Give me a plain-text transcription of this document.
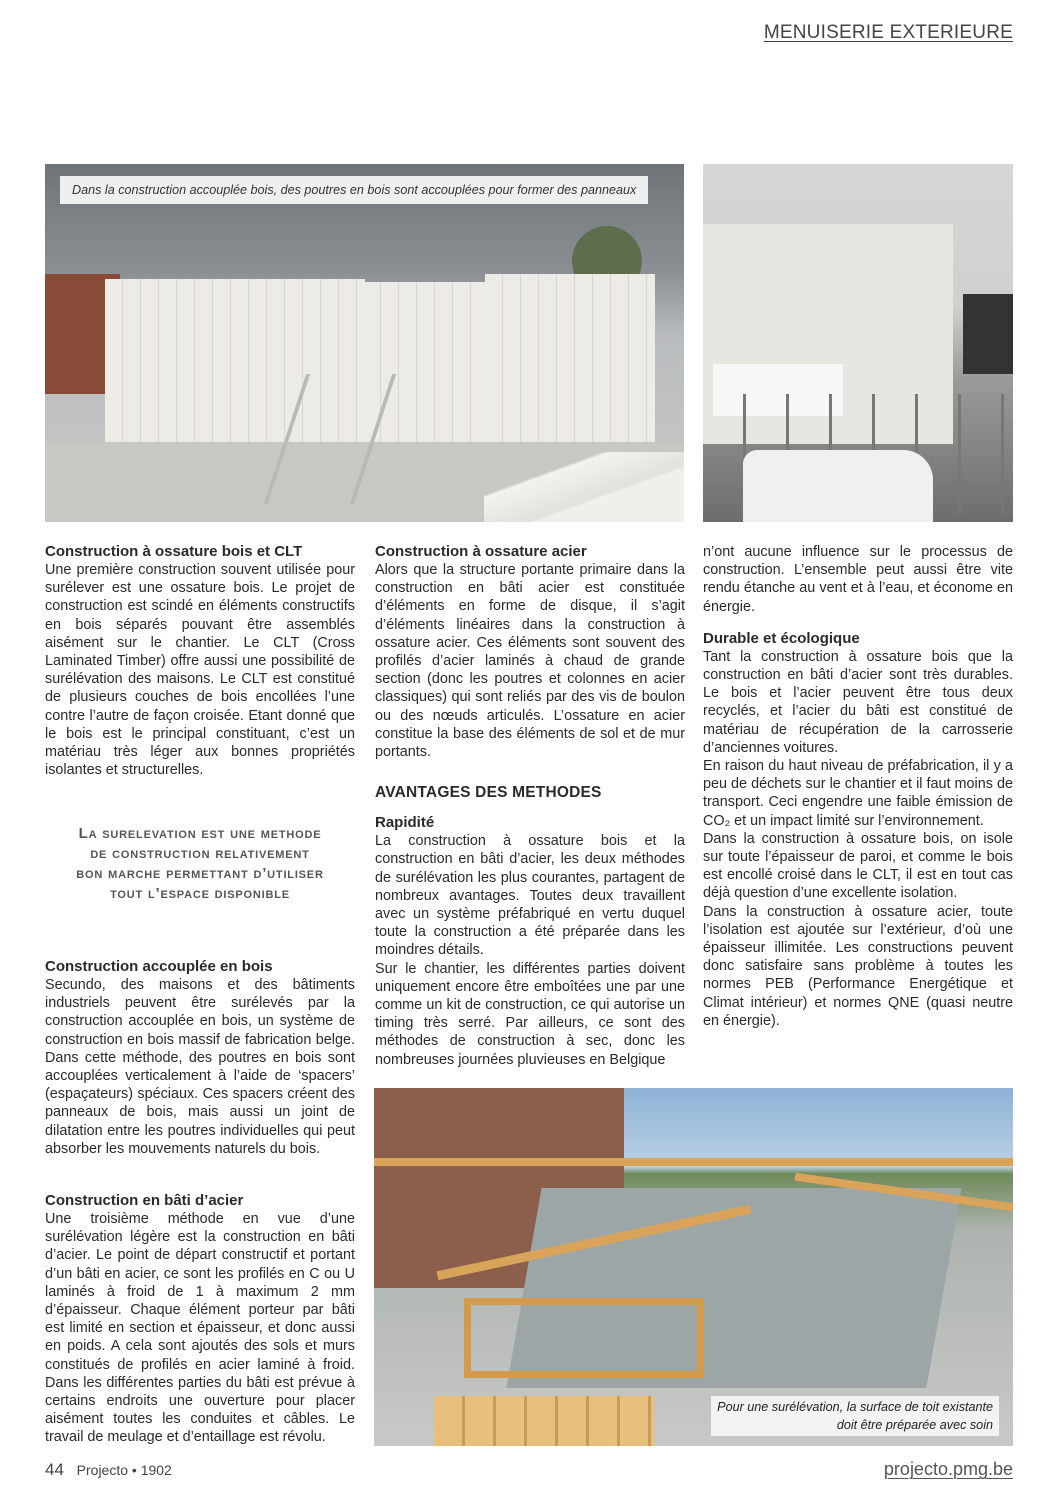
MENUISERIE EXTERIEURE
Dans la construction accouplée bois, des poutres en bois sont accouplées pour former des panneaux
Construction à ossature bois et CLT

Une première construction souvent utilisée pour surélever est une ossature bois. Le projet de construction est scindé en éléments constructifs en bois séparés pouvant être assemblés aisément sur le chantier. Le CLT (Cross Laminated Timber) offre aussi une possibilité de surélévation des maisons. Le CLT est constitué de plusieurs couches de bois encollées l’une contre l’autre de façon croisée. Etant donné que le bois est le principal constituant, c’est un matériau très léger aux bonnes propriétés isolantes et structurelles.

La surelevation est une methode
de construction relativement
bon marche permettant d’utiliser
tout l’espace disponible
Construction accouplée en bois

Secundo, des maisons et des bâtiments industriels peuvent être surélevés par la construction accouplée en bois, un système de construction en bois massif de fabrication belge. Dans cette méthode, des poutres en bois sont accouplées verticalement à l’aide de ‘spacers’ (espaçateurs) spéciaux. Ces spacers créent des panneaux de bois, mais aussi un joint de dilatation entre les poutres individuelles qui peut absorber les mouvements naturels du bois.

Construction en bâti d’acier

Une troisième méthode en vue d’une surélévation légère est la construction en bâti d’acier. Le point de départ constructif et portant d’un bâti en acier, ce sont les profilés en C ou U laminés à froid de 1 à maximum 2 mm d’épaisseur. Chaque élément porteur par bâti est limité en section et épaisseur, et donc aussi en poids. A cela sont ajoutés des sols et murs constitués de profilés en acier laminé à froid. Dans les différentes parties du bâti est prévue à certains endroits une ouverture pour placer aisément toutes les conduites et câbles. Le travail de meulage et d’entaillage est révolu.

Construction à ossature acier

Alors que la structure portante primaire dans la construction en bâti acier est constituée d’éléments en forme de disque, il s’agit d’éléments linéaires dans la construction à ossature acier. Ces éléments sont souvent des profilés d’acier laminés à chaud de grande section (donc les poutres et colonnes en acier classiques) qui sont reliés par des vis de boulon ou des nœuds articulés. L’ossature en acier constitue la base des éléments de sol et de mur portants.

AVANTAGES DES METHODES
Rapidité

La construction à ossature bois et la construction en bâti d’acier, les deux méthodes de surélévation les plus courantes, partagent de nombreux avantages. Toutes deux travaillent avec un système préfabriqué en vertu duquel toute la construction a été préparée dans les moindres détails.

Sur le chantier, les différentes parties doivent uniquement encore être emboîtées une par une comme un kit de construction, ce qui autorise un timing très serré. Par ailleurs, ce sont des méthodes de construction à sec, donc les nombreuses journées pluvieuses en Belgique

n’ont aucune influence sur le processus de construction. L’ensemble peut aussi être vite rendu étanche au vent et à l’eau, et économe en énergie.

Durable et écologique

Tant la construction à ossature bois que la construction en bâti d’acier sont très durables. Le bois et l’acier peuvent être tous deux recyclés, et l’acier du bâti est constitué de matériau de récupération de la carrosserie d’anciennes voitures.

En raison du haut niveau de préfabrication, il y a peu de déchets sur le chantier et il faut moins de transport. Ceci engendre une faible émission de CO₂ et un impact limité sur l’environnement.

Dans la construction à ossature bois, on isole sur toute l’épaisseur de paroi, et comme le bois est encollé croisé dans le CLT, il est en tout cas déjà question d’une excellente isolation.

Dans la construction à ossature acier, toute l’isolation est ajoutée sur l’extérieur, d’où une épaisseur illimitée. Les constructions peuvent donc satisfaire sans problème à toutes les normes PEB (Performance Energétique et Climat intérieur) et normes QNE (quasi neutre en énergie).

Pour une surélévation, la surface de toit existante
doit être préparée avec soin
44 Projecto • 1902	projecto.pmg.be
